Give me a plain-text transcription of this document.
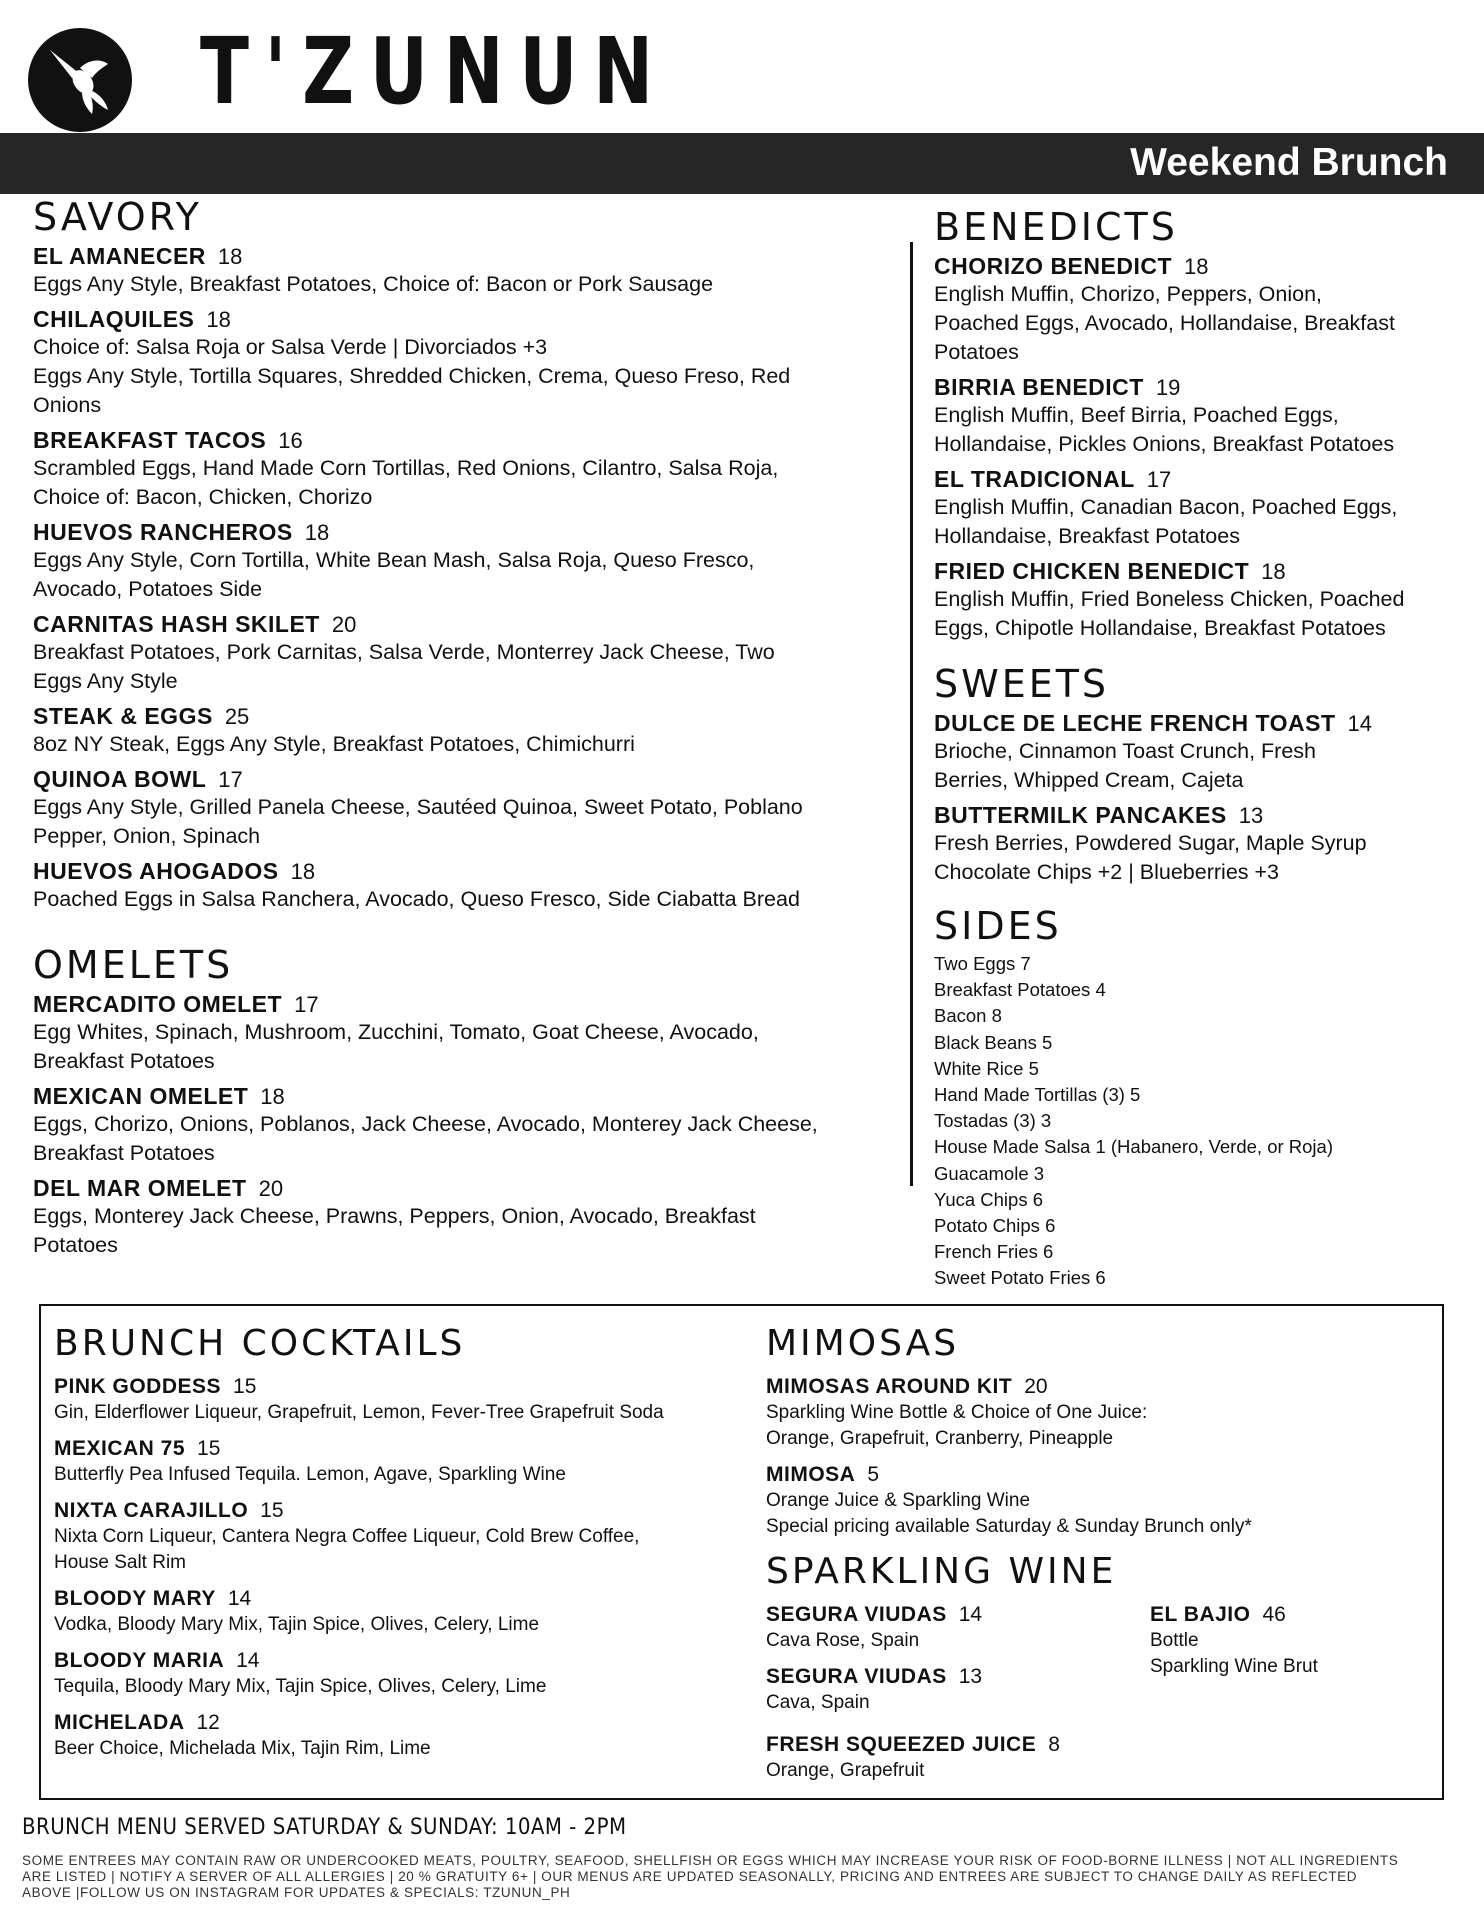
T'ZUNUN
Weekend Brunch
SAVORY
EL AMANECER 18
Eggs Any Style, Breakfast Potatoes, Choice of: Bacon or Pork Sausage
CHILAQUILES 18
Choice of: Salsa Roja or Salsa Verde | Divorciados +3
Eggs Any Style, Tortilla Squares, Shredded Chicken, Crema, Queso Freso, Red
Onions
BREAKFAST TACOS 16
Scrambled Eggs, Hand Made Corn Tortillas, Red Onions, Cilantro, Salsa Roja,
Choice of: Bacon, Chicken, Chorizo
HUEVOS RANCHEROS 18
Eggs Any Style, Corn Tortilla, White Bean Mash, Salsa Roja, Queso Fresco,
Avocado, Potatoes Side
CARNITAS HASH SKILET 20
Breakfast Potatoes, Pork Carnitas, Salsa Verde, Monterrey Jack Cheese, Two
Eggs Any Style
STEAK & EGGS 25
8oz NY Steak, Eggs Any Style, Breakfast Potatoes, Chimichurri
QUINOA BOWL 17
Eggs Any Style, Grilled Panela Cheese, Sautéed Quinoa, Sweet Potato, Poblano
Pepper, Onion, Spinach
HUEVOS AHOGADOS 18
Poached Eggs in Salsa Ranchera, Avocado, Queso Fresco, Side Ciabatta Bread
OMELETS
MERCADITO OMELET 17
Egg Whites, Spinach, Mushroom, Zucchini, Tomato, Goat Cheese, Avocado,
Breakfast Potatoes
MEXICAN OMELET 18
Eggs, Chorizo, Onions, Poblanos, Jack Cheese, Avocado, Monterey Jack Cheese,
Breakfast Potatoes
DEL MAR OMELET 20
Eggs, Monterey Jack Cheese, Prawns, Peppers, Onion, Avocado, Breakfast
Potatoes
BENEDICTS
CHORIZO BENEDICT 18
English Muffin, Chorizo, Peppers, Onion,
Poached Eggs, Avocado, Hollandaise, Breakfast
Potatoes
BIRRIA BENEDICT 19
English Muffin, Beef Birria, Poached Eggs,
Hollandaise, Pickles Onions, Breakfast Potatoes
EL TRADICIONAL 17
English Muffin, Canadian Bacon, Poached Eggs,
Hollandaise, Breakfast Potatoes
FRIED CHICKEN BENEDICT 18
English Muffin, Fried Boneless Chicken, Poached
Eggs, Chipotle Hollandaise, Breakfast Potatoes
SWEETS
DULCE DE LECHE FRENCH TOAST 14
Brioche, Cinnamon Toast Crunch, Fresh
Berries, Whipped Cream, Cajeta
BUTTERMILK PANCAKES 13
Fresh Berries, Powdered Sugar, Maple Syrup
Chocolate Chips +2 | Blueberries +3
SIDES
Two Eggs 7
Breakfast Potatoes 4
Bacon 8
Black Beans 5
White Rice 5
Hand Made Tortillas (3) 5
Tostadas (3) 3
House Made Salsa 1 (Habanero, Verde, or Roja)
Guacamole 3
Yuca Chips 6
Potato Chips 6
French Fries 6
Sweet Potato Fries 6
BRUNCH COCKTAILS
PINK GODDESS 15
Gin, Elderflower Liqueur, Grapefruit, Lemon, Fever-Tree Grapefruit Soda
MEXICAN 75 15
Butterfly Pea Infused Tequila. Lemon, Agave, Sparkling Wine
NIXTA CARAJILLO 15
Nixta Corn Liqueur, Cantera Negra Coffee Liqueur, Cold Brew Coffee,
House Salt Rim
BLOODY MARY 14
Vodka, Bloody Mary Mix, Tajin Spice, Olives, Celery, Lime
BLOODY MARIA 14
Tequila, Bloody Mary Mix, Tajin Spice, Olives, Celery, Lime
MICHELADA 12
Beer Choice, Michelada Mix, Tajin Rim, Lime
MIMOSAS
MIMOSAS AROUND KIT 20
Sparkling Wine Bottle & Choice of One Juice:
Orange, Grapefruit, Cranberry, Pineapple
MIMOSA 5
Orange Juice & Sparkling Wine
Special pricing available Saturday & Sunday Brunch only*
SPARKLING WINE
SEGURA VIUDAS 14
Cava Rose, Spain
SEGURA VIUDAS 13
Cava, Spain
EL BAJIO 46
Bottle
Sparkling Wine Brut
FRESH SQUEEZED JUICE 8
Orange, Grapefruit
BRUNCH MENU SERVED SATURDAY & SUNDAY: 10AM - 2PM
SOME ENTREES MAY CONTAIN RAW OR UNDERCOOKED MEATS, POULTRY, SEAFOOD, SHELLFISH OR EGGS WHICH MAY INCREASE YOUR RISK OF FOOD-BORNE ILLNESS | NOT ALL INGREDIENTS
ARE LISTED | NOTIFY A SERVER OF ALL ALLERGIES | 20 % GRATUITY 6+ | OUR MENUS ARE UPDATED SEASONALLY, PRICING AND ENTREES ARE SUBJECT TO CHANGE DAILY AS REFLECTED
ABOVE |FOLLOW US ON INSTAGRAM FOR UPDATES & SPECIALS: TZUNUN_PH
